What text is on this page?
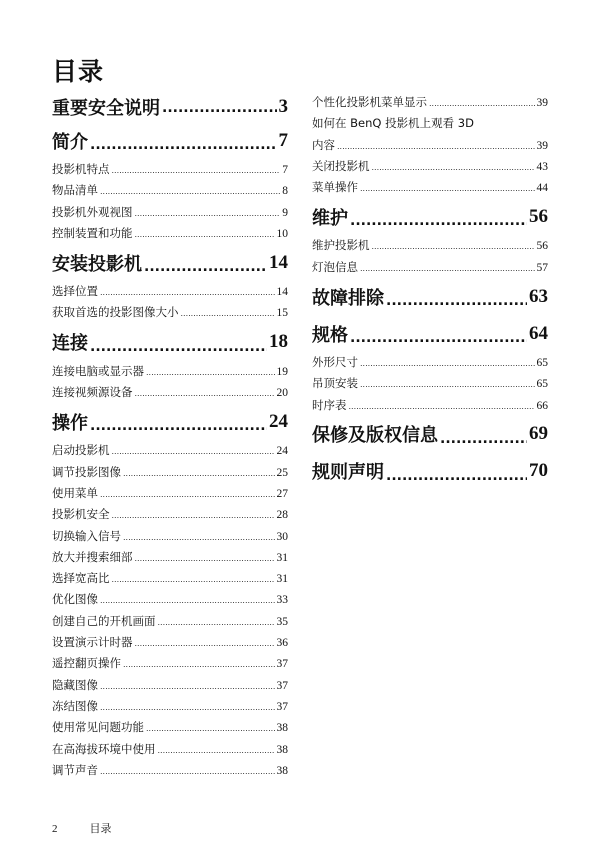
目录
重要安全说明 .....	3
简介 .....	7
投影机特点 .....	7
物品清单 .....	8
投影机外观视图 .....	9
控制装置和功能 .....	10
安装投影机 .....	14
选择位置 .....	14
获取首选的投影图像大小 .....	15
连接 .....	18
连接电脑或显示器 .....	19
连接视频源设备 .....	20
操作 .....	24
启动投影机 .....	24
调节投影图像 .....	25
使用菜单 .....	27
投影机安全 .....	28
切换输入信号 .....	30
放大并搜索细部 .....	31
选择宽高比 .....	31
优化图像 .....	33
创建自己的开机画面 .....	35
设置演示计时器 .....	36
遥控翻页操作 .....	37
隐藏图像 .....	37
冻结图像 .....	37
使用常见问题功能 .....	38
在高海拔环境中使用 .....	38
调节声音 .....	38
个性化投影机菜单显示 .....	39
如何在 BenQ 投影机上观看 3D
内容 .....	39
关闭投影机 .....	43
菜单操作 .....	44
维护 .....	56
维护投影机 .....	56
灯泡信息 .....	57
故障排除 .....	63
规格 .....	64
外形尺寸 .....	65
吊顶安装 .....	65
时序表 .....	66
保修及版权信息 .....	69
规则声明 .....	70
2	目录
